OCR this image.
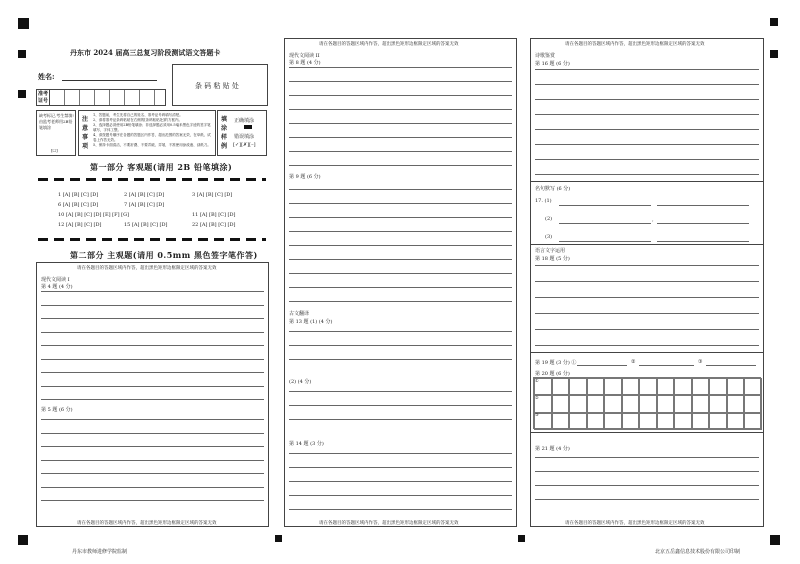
丹东市 2024 届高三总复习阶段测试语文答题卡
姓名:
条 码 粘 贴 处
准考证号
缺考标记,考生禁填!由监考老师用2B铅笔填涂
[☐]
注意事项
1、答题前，考生先将自己的姓名、准考证号码填写清楚。
2、请将准考证条码粘贴在右侧的[条码粘贴处]的方框内。
3、选择题必须使用2B铅笔填涂；非选择题必须用0.5毫米黑色字迹的签字笔填写，字体工整。
4、请按题号顺序在各题的答题区内作答，超出范围的答案无效，在草纸、试卷上作答无效。
5、保持卡面清洁，不要折叠、不要弄破、弄皱，不准使用涂改液、刮纸刀。
填涂样例
正确填涂
错误填涂
[✓][✗][–]
第一部分 客观题(请用 2B 铅笔填涂)
1 [A] [B] [C] [D]	2 [A] [B] [C] [D]	3 [A] [B] [C] [D]
6 [A] [B] [C] [D]	7 [A] [B] [C] [D]
10 [A] [B] [C] [D] [E] [F] [G]	11 [A] [B] [C] [D]
12 [A] [B] [C] [D]	15 [A] [B] [C] [D]	22 [A] [B] [C] [D]
第二部分 主观题(请用 0.5mm 黑色签字笔作答)
请在各题目的答题区域内作答，超出黑色矩形边框限定区域的答案无效
现代文阅读 I
第 4 题 (4 分)
第 5 题 (6 分)
请在各题目的答题区域内作答，超出黑色矩形边框限定区域的答案无效
丹东市教师进修学院监制
请在各题目的答题区域内作答，超出黑色矩形边框限定区域的答案无效
现代文阅读 II
第 8 题 (4 分)
第 9 题 (6 分)
古文翻译
第 13 题 (1) (4 分)
(2) (4 分)
第 14 题 (3 分)
请在各题目的答题区域内作答，超出黑色矩形边框限定区域的答案无效
请在各题目的答题区域内作答，超出黑色矩形边框限定区域的答案无效
诗歌鉴赏
第 16 题 (6 分)
名句默写 (6 分)
17. (1)
(2)	,
(3)
语言文字运用
第 18 题 (5 分)
第 19 题 (3 分) ①	②	③
第 20 题 (6 分)
①
②
③
第 21 题 (4 分)
请在各题目的答题区域内作答，超出黑色矩形边框限定区域的答案无效
北京五岳鑫信息技术股份有限公司印制
